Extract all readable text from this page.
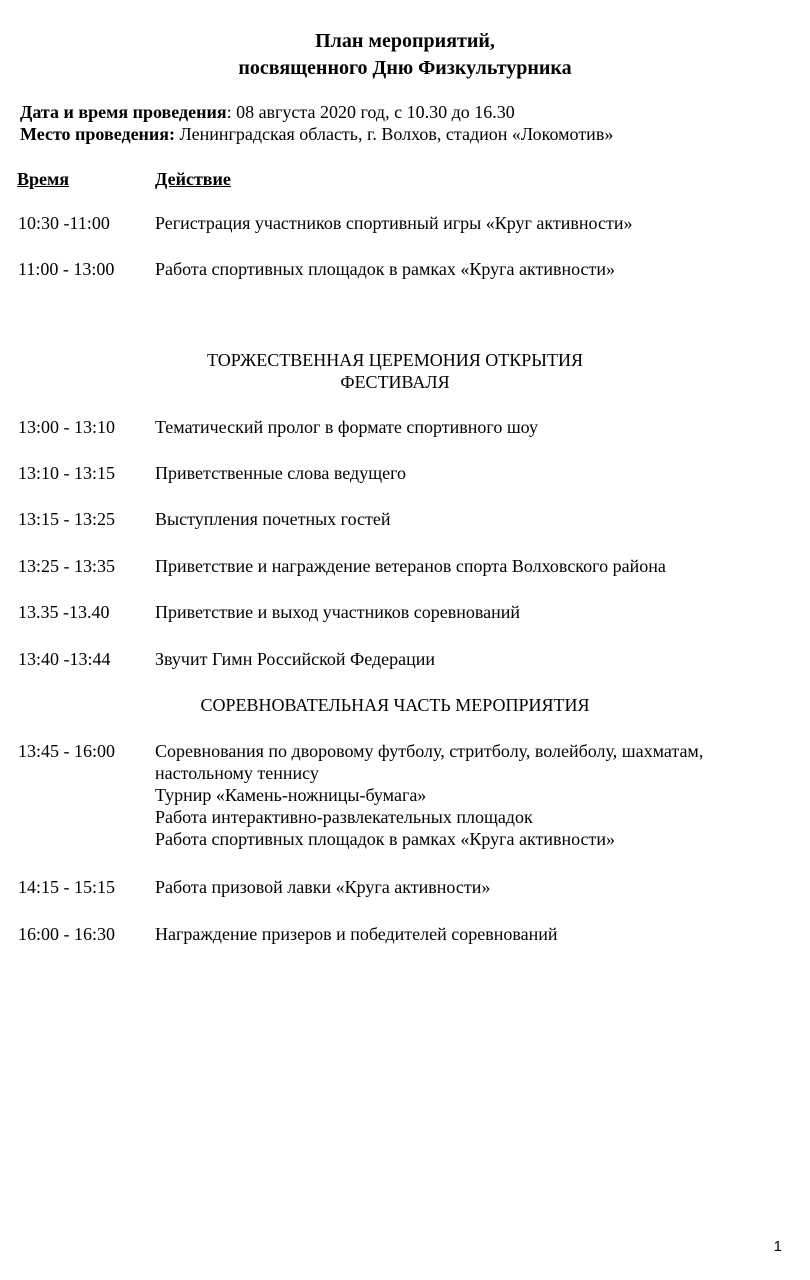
План мероприятий,
посвященного Дню Физкультурника
Дата и время проведения: 08 августа 2020 год, с 10.30 до 16.30
Место проведения: Ленинградская область, г. Волхов, стадион «Локомотив»
Время	Действие
10:30 -11:00	Регистрация участников спортивный игры «Круг активности»
11:00 - 13:00 Работа спортивных площадок в рамках «Круга активности»
ТОРЖЕСТВЕННАЯ ЦЕРЕМОНИЯ ОТКРЫТИЯ
ФЕСТИВАЛЯ
13:00 - 13:10 Тематический пролог в формате спортивного шоу
13:10 - 13:15 Приветственные слова ведущего
13:15 - 13:25 Выступления почетных гостей
13:25 - 13:35 Приветствие и награждение ветеранов спорта Волховского района
13.35 -13.40	Приветствие и выход участников соревнований
13:40 -13:44 Звучит Гимн Российской Федерации
СОРЕВНОВАТЕЛЬНАЯ ЧАСТЬ МЕРОПРИЯТИЯ
13:45 - 16:00 Соревнования по дворовому футболу, стритболу, волейболу, шахматам,
настольному теннису
Турнир «Камень-ножницы-бумага»
Работа интерактивно-развлекательных площадок
Работа спортивных площадок в рамках «Круга активности»
14:15 - 15:15 Работа призовой лавки «Круга активности»
16:00 - 16:30 Награждение призеров и победителей соревнований
1
